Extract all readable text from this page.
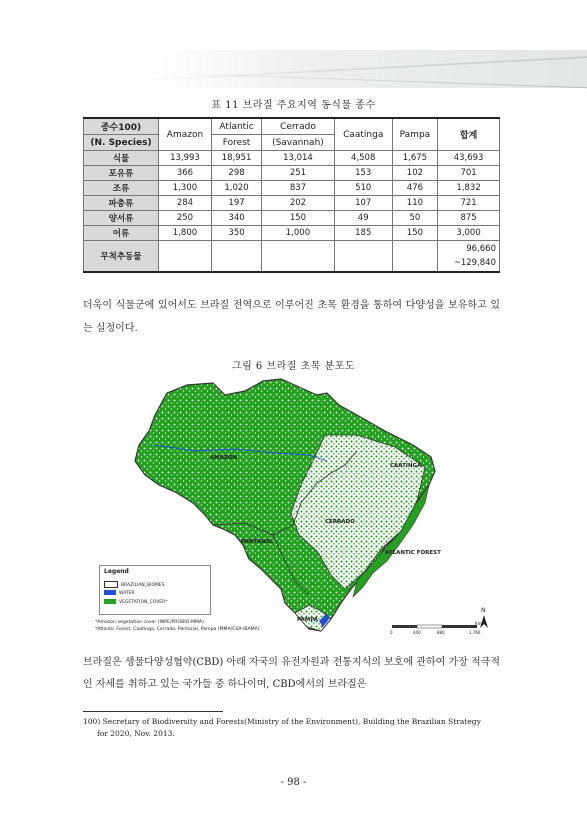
표 11 브라질 주요지역 동식물 종수
종수100)	Amazon	Atlantic	Cerrado	Caatinga	Pampa	합계
(N. Species)		Forest	(Savannah)			
식물	13,993	18,951	13,014	4,508	1,675	43,693
포유류	366	298	251	153	102	701
조류	1,300	1,020	837	510	476	1,832
파충류	284	197	202	107	110	721
양서류	250	340	150	49	50	875
어류	1,800	350	1,000	185	150	3,000
무척추동물						96,660
~129,840
더욱이 식물군에 있어서도 브라질 전역으로 이루어진 초목 환경을 통하여 다양성을 보유하고 있는 실정이다.
그림 6 브라질 초목 분포도
AMAZON
CAATINGA
CERRADO
PANTANAL
ATLANTIC FOREST
PAMPA
Legend
BRAZILIAN_BIOMES
WATER
VEGETATION_COVER*
*Amazon vegetation cover (INPE/PROBIO-MMA)
*Atlantic Forest, Caatinga, Cerrado, Pantanal, Pampa (MMA/CSR-IBAMA)
0	440	880	1.760
Km
N
브라질은 생물다양성협약(CBD) 아래 자국의 유전자원과 전통지식의 보호에 관하여 가장 적극적인 자세를 취하고 있는 국가들 중 하나이며, CBD에서의 브라질은
100) Secretary of Biodiversity and Forests(Ministry of the Environment), Building the Brazilian Strategy
for 2020, Nov. 2013.
- 98 -
